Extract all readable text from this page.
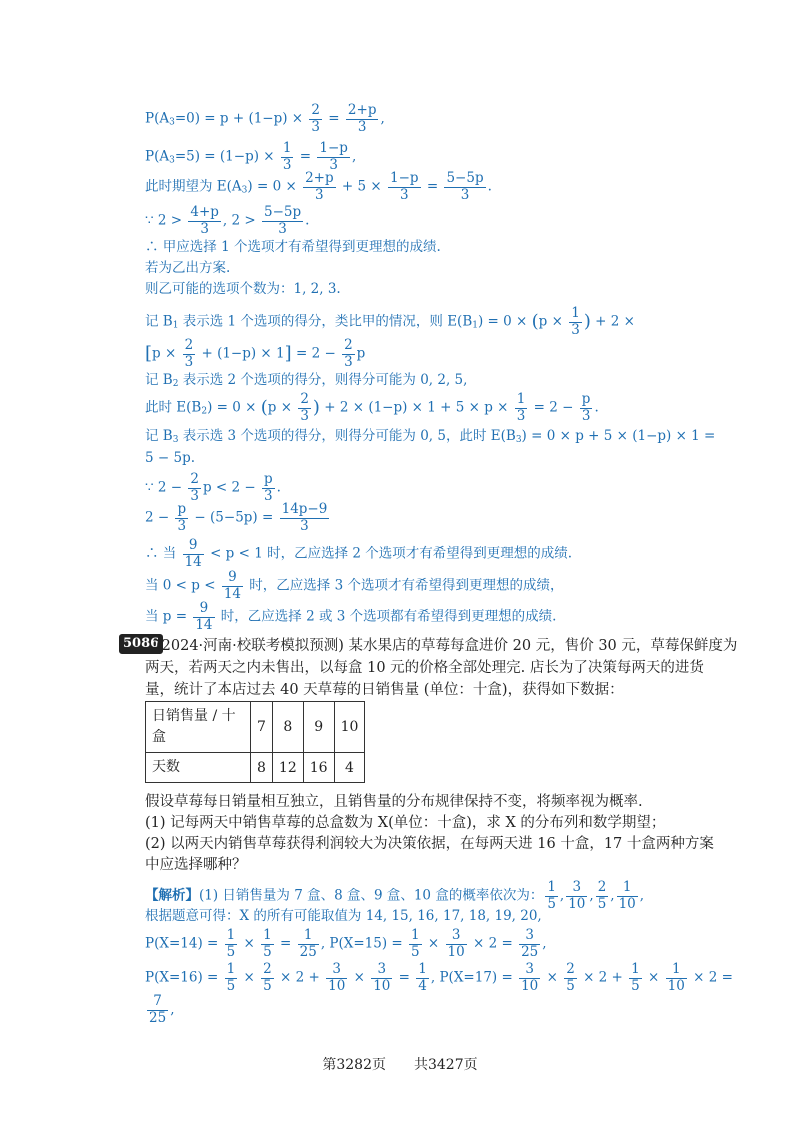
$P(A_3=0) = p + (1-p) \times \frac{2}{3} = \frac{2+p}{3}$ ,
$P(A_3=5) = (1-p) \times \frac{1}{3} = \frac{1-p}{3}$ ,
此时期望为 $E(A_3) = 0 \times \frac{2+p}{3} + 5 \times \frac{1-p}{3} = \frac{5-5p}{3}$ .
∵ $2 > \frac{4+p}{3}$ , $2 > \frac{5-5p}{3}$ .
∴ 甲应选择 1 个选项才有希望得到更理想的成绩.
若为乙出方案.
则乙可能的选项个数为：1, 2, 3.
记 $B_1$ 表示选 1 个选项的得分，类比甲的情况，则 $E(B_1) = 0 \times (p \times \frac{1}{3}$ ) + 2 ×
$[p \times \frac{2}{3} + (1-p) \times 1] = 2 - \frac{2}{3}$ p
记 $B_2$ 表示选 2 个选项的得分，则得分可能为 0, 2, 5,
此时 $E(B_2) = 0 \times (p \times \frac{2}{3}$ ) + $2 \times (1-p) \times 1 + 5 \times p \times \frac{1}{3} = 2 - \frac{p}{3}$ .
记 $B_3$ 表示选 3 个选项的得分，则得分可能为 0, 5，此时 $E(B_3) = 0 \times p + 5 \times (1-p) \times 1$ =
5 − 5p.
∵ $2 - \frac{2}{3}$ $p < 2 - \frac{p}{3}$ .
$2 - \frac{p}{3} - (5-5p) = \frac{14p-9}{3}$
∴ 当 $\frac{9}{14} < p < 1$ 时，乙应选择 2 个选项才有希望得到更理想的成绩.
当 $0 < p < \frac{9}{14}$ 时，乙应选择 3 个选项才有希望得到更理想的成绩，
当 $p = \frac{9}{14}$ 时，乙应选择 2 或 3 个选项都有希望得到更理想的成绩.
5086
(2024·河南·校联考模拟预测) 某水果店的草莓每盒进价 20 元，售价 30 元，草莓保鲜度为
两天，若两天之内未售出，以每盒 10 元的价格全部处理完. 店长为了决策每两天的进货
量，统计了本店过去 40 天草莓的日销售量 (单位：十盒)，获得如下数据：
日销售量 / 十
盒	7	8	9	10
天数	8	12	16	4
假设草莓每日销量相互独立，且销售量的分布规律保持不变，将频率视为概率.
(1) 记每两天中销售草莓的总盒数为 X(单位：十盒)，求 X 的分布列和数学期望；
(2) 以两天内销售草莓获得利润较大为决策依据，在每两天进 16 十盒，17 十盒两种方案
中应选择哪种？
【解析】(1) 日销售量为 7 盒、8 盒、9 盒、10 盒的概率依次为： $\frac{1}{5}$ , $\frac{3}{10}$ , $\frac{2}{5}$ , $\frac{1}{10}$ ,
根据题意可得：X 的所有可能取值为 14, 15, 16, 17, 18, 19, 20,
$P(X=14) = \frac{1}{5} \times \frac{1}{5} = \frac{1}{25}$ , $P(X=15) = \frac{1}{5} \times \frac{3}{10} \times 2 = \frac{3}{25}$ ,
$P(X=16) = \frac{1}{5} \times \frac{2}{5} \times 2 + \frac{3}{10} \times \frac{3}{10} = \frac{1}{4}$ , $P(X=17) = \frac{3}{10} \times \frac{2}{5} \times 2 + \frac{1}{5} \times \frac{1}{10} \times 2$ =
$\frac{7}{25}$ ,
第3282页　　共3427页
